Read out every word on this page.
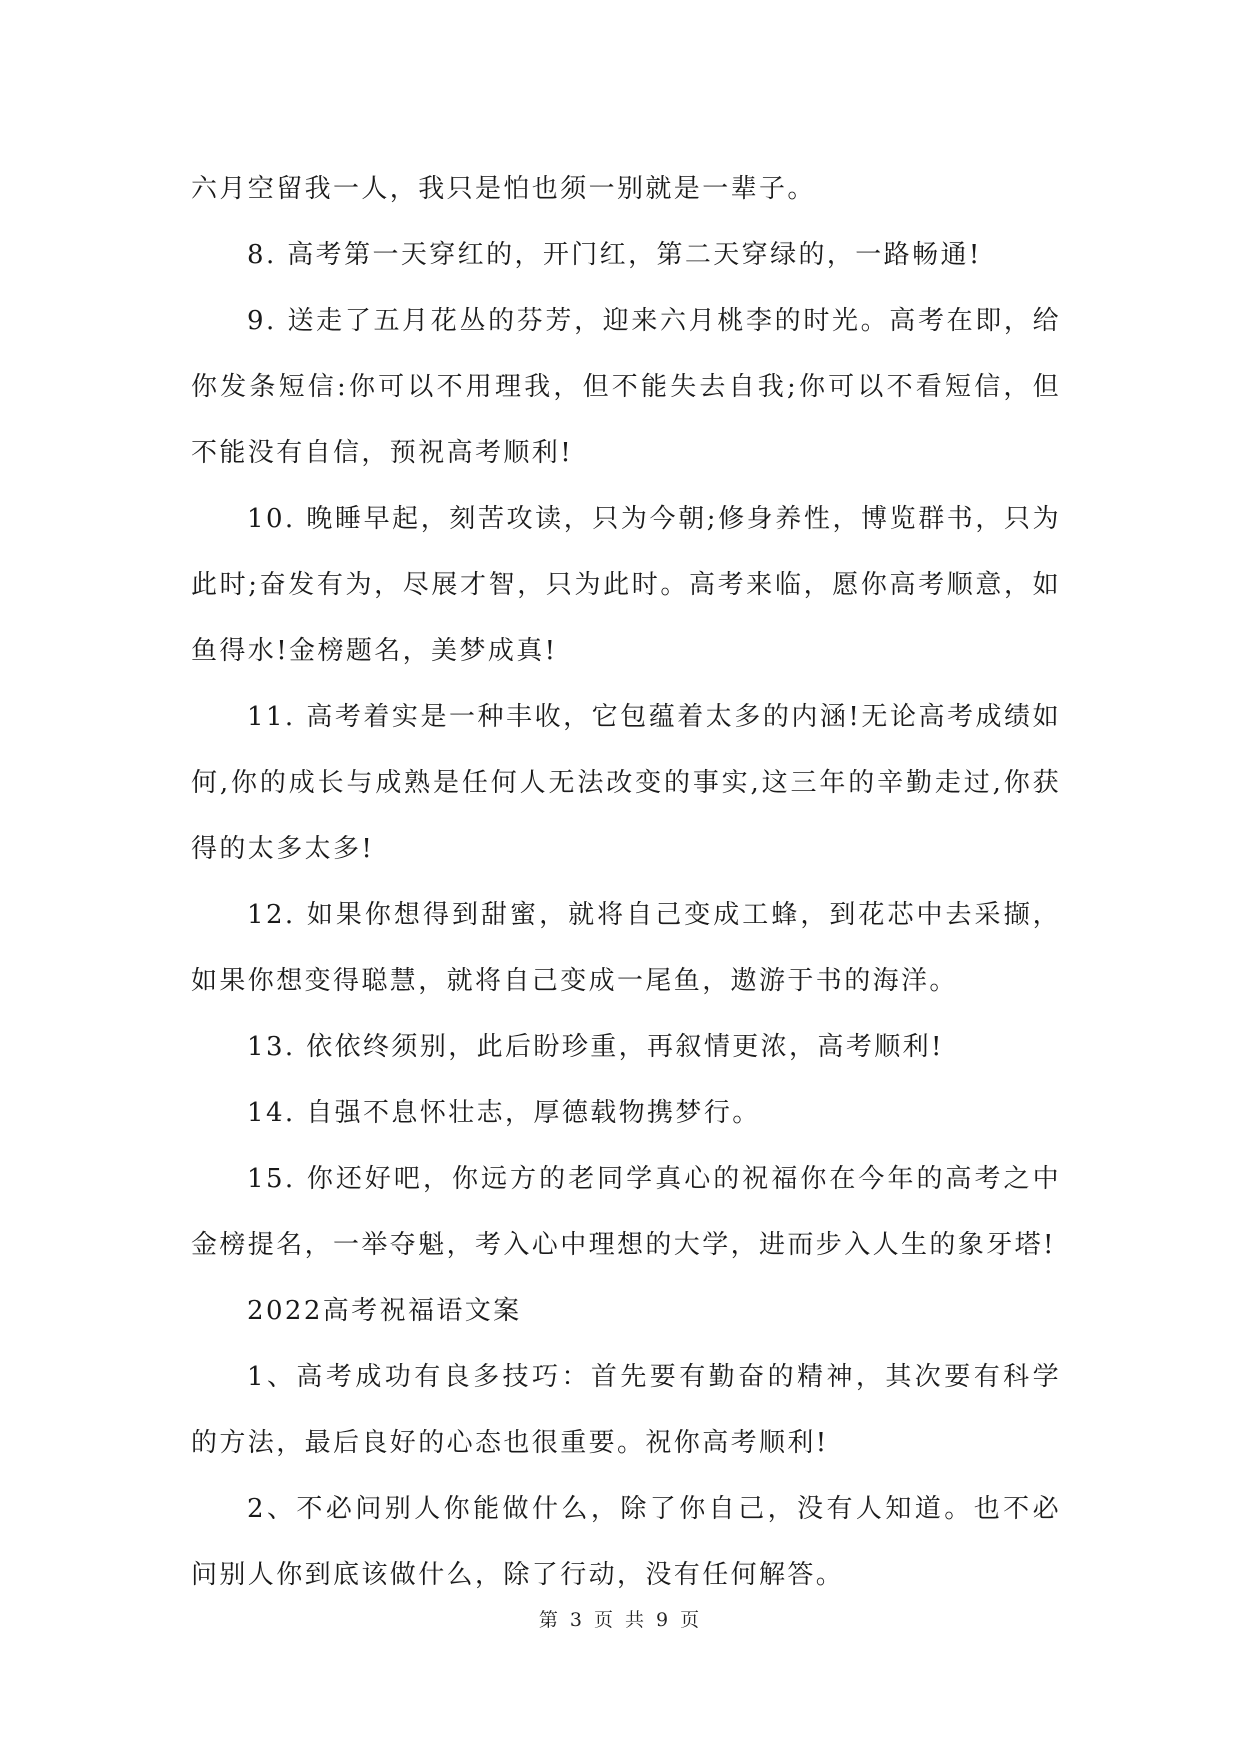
六月空留我一人，我只是怕也须一别就是一辈子。

8. 高考第一天穿红的，开门红，第二天穿绿的，一路畅通!

9. 送走了五月花丛的芬芳，迎来六月桃李的时光。高考在即，给你发条短信:你可以不用理我，但不能失去自我;你可以不看短信，但不能没有自信，预祝高考顺利!

10. 晚睡早起，刻苦攻读，只为今朝;修身养性，博览群书，只为此时;奋发有为，尽展才智，只为此时。高考来临，愿你高考顺意，如鱼得水!金榜题名，美梦成真!

11. 高考着实是一种丰收，它包蕴着太多的内涵!无论高考成绩如何,你的成长与成熟是任何人无法改变的事实,这三年的辛勤走过,你获得的太多太多!

12. 如果你想得到甜蜜，就将自己变成工蜂，到花芯中去采撷，如果你想变得聪慧，就将自己变成一尾鱼，遨游于书的海洋。

13. 依依终须别，此后盼珍重，再叙情更浓，高考顺利!

14. 自强不息怀壮志，厚德载物携梦行。

15. 你还好吧，你远方的老同学真心的祝福你在今年的高考之中金榜提名，一举夺魁，考入心中理想的大学，进而步入人生的象牙塔!

2022高考祝福语文案

1、高考成功有良多技巧：首先要有勤奋的精神，其次要有科学的方法，最后良好的心态也很重要。祝你高考顺利!

2、不必问别人你能做什么，除了你自己，没有人知道。也不必问别人你到底该做什么，除了行动，没有任何解答。

第 3 页 共 9 页
